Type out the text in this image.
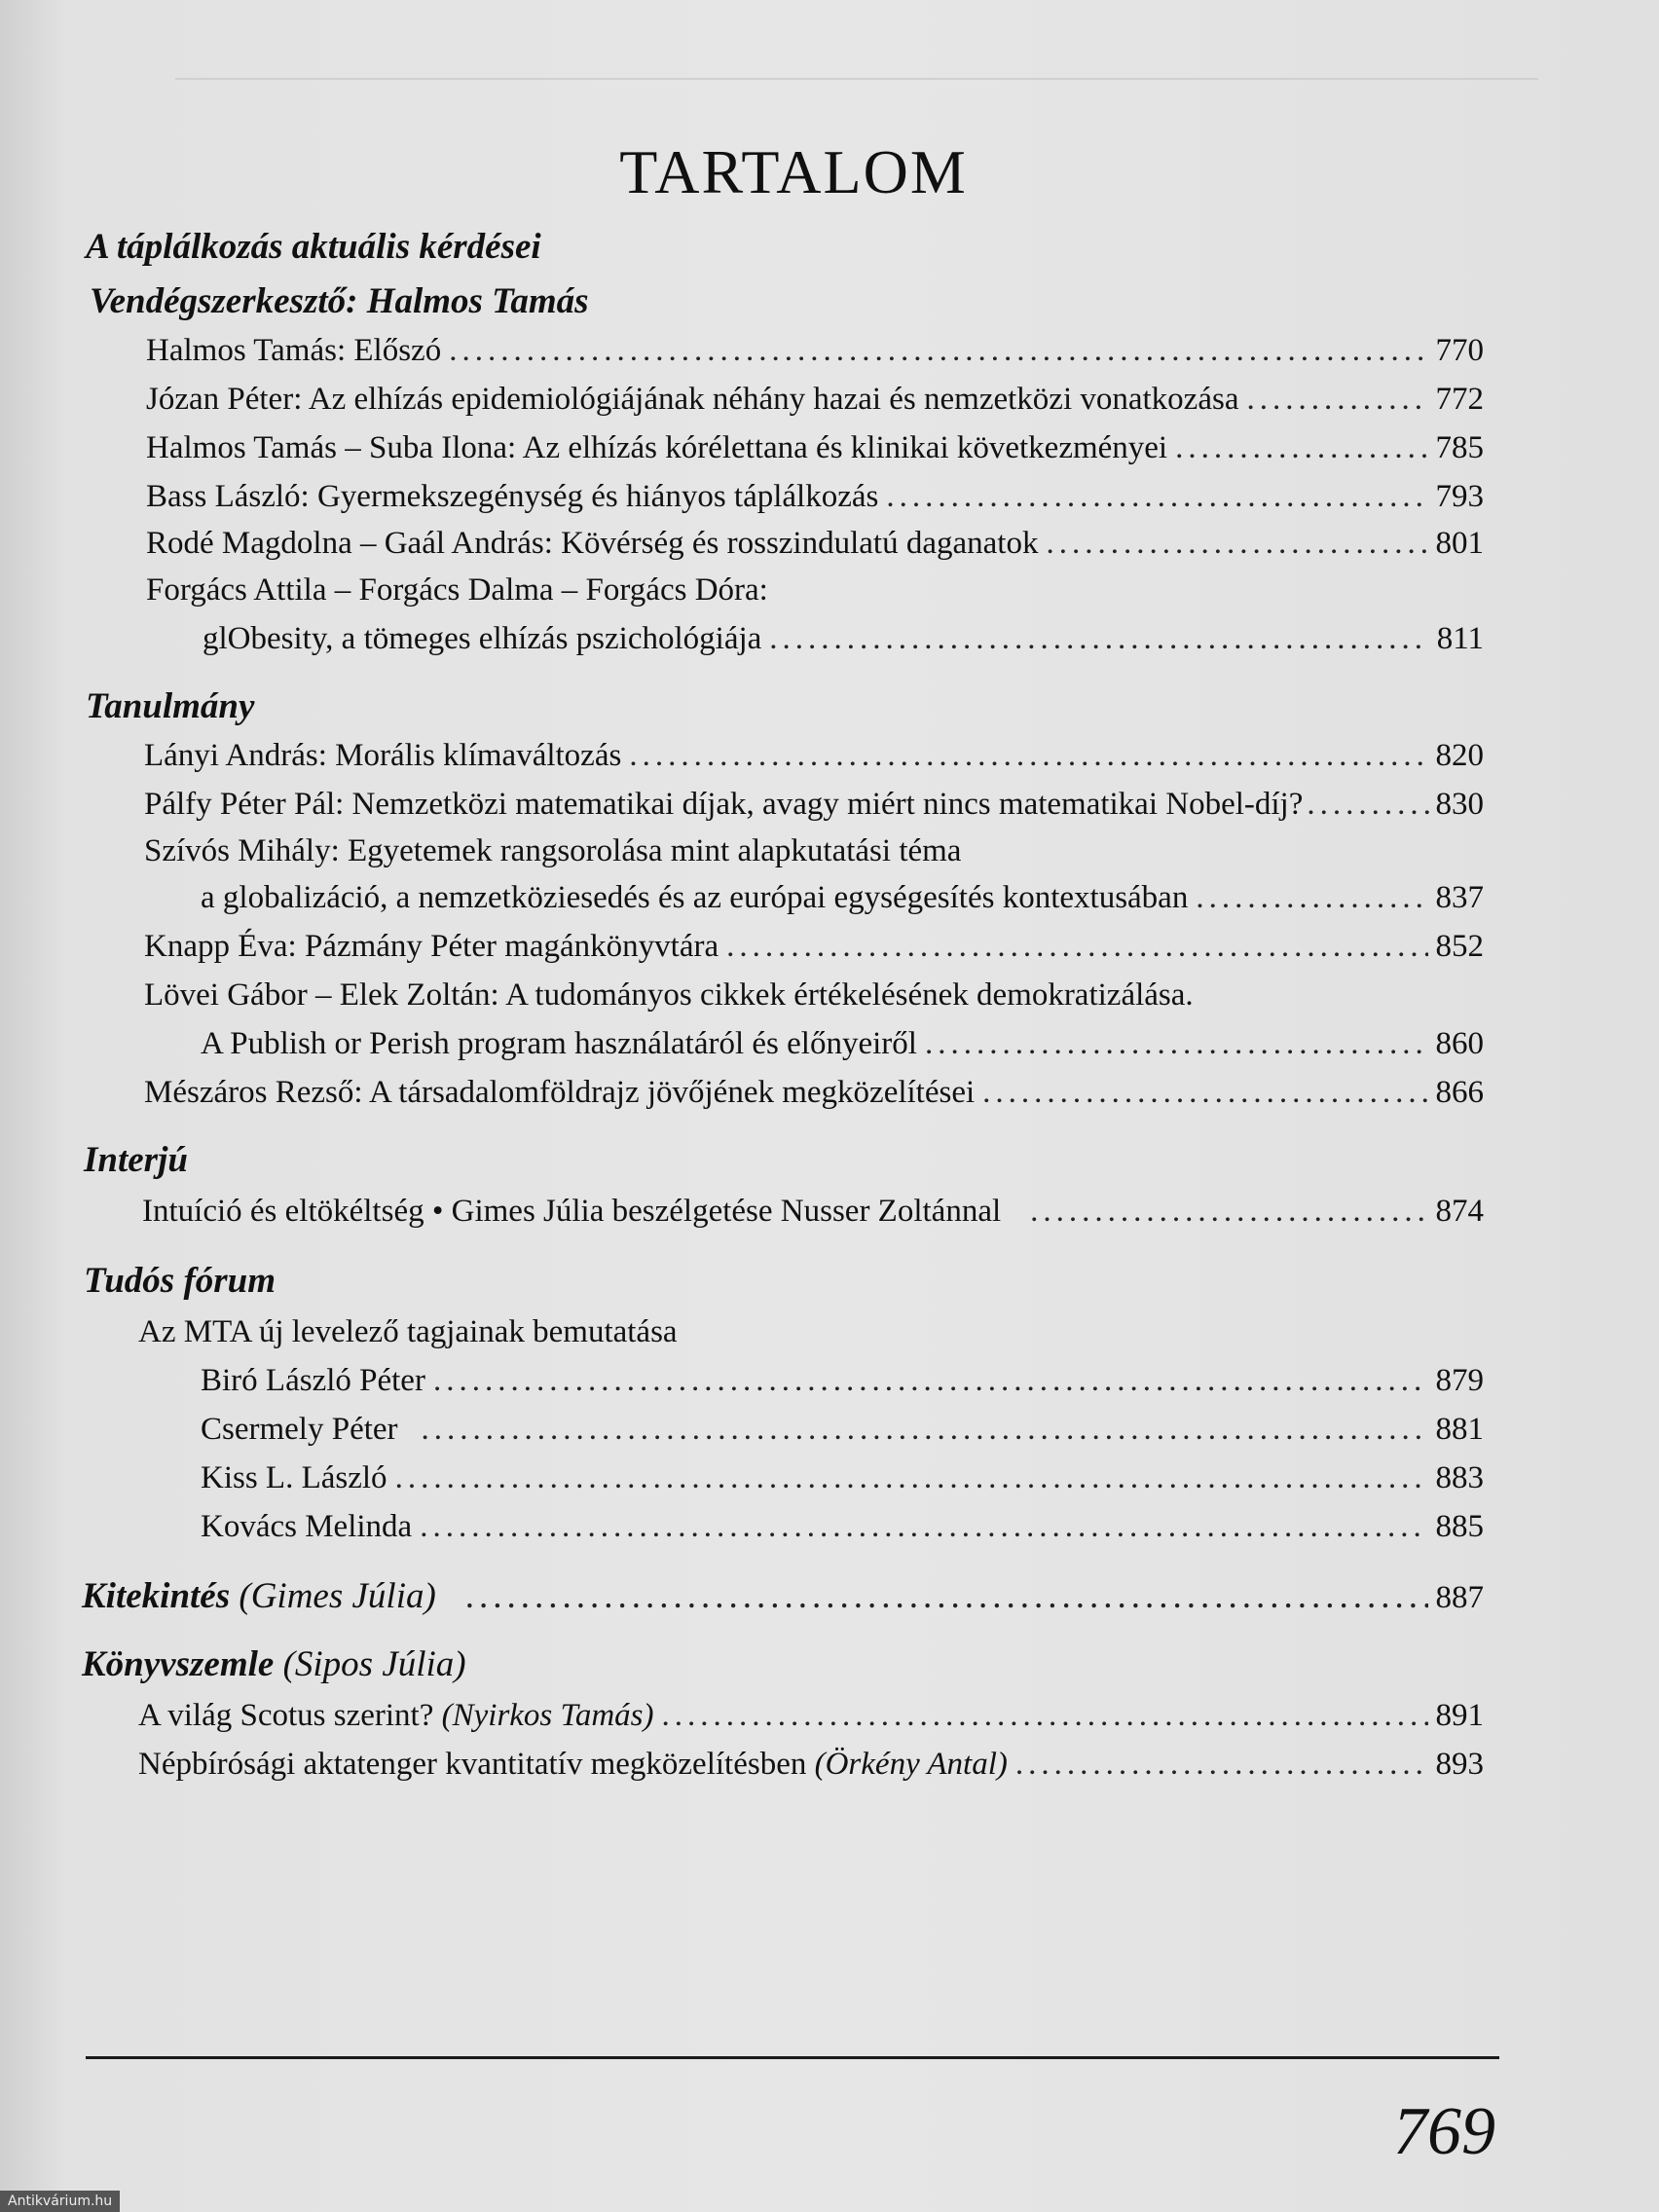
TARTALOM
A táplálkozás aktuális kérdései
Vendégszerkesztő: Halmos Tamás
Halmos Tamás: Előszó .....	770
Józan Péter: Az elhízás epidemiológiájának néhány hazai és nemzetközi vonatkozása .....	772
Halmos Tamás – Suba Ilona: Az elhízás kórélettana és klinikai következményei .....	785
Bass László: Gyermekszegénység és hiányos táplálkozás .....	793
Rodé Magdolna – Gaál András: Kövérség és rosszindulatú daganatok .....	801
Forgács Attila – Forgács Dalma – Forgács Dóra:
glObesity, a tömeges elhízás pszichológiája .....	811
Tanulmány
Lányi András: Morális klímaváltozás .....	820
Pálfy Péter Pál: Nemzetközi matematikai díjak, avagy miért nincs matematikai Nobel-díj? .....	830
Szívós Mihály: Egyetemek rangsorolása mint alapkutatási téma
a globalizáció, a nemzetköziesedés és az európai egységesítés kontextusában .....	837
Knapp Éva: Pázmány Péter magánkönyvtára .....	852
Lövei Gábor – Elek Zoltán: A tudományos cikkek értékelésének demokratizálása.
A Publish or Perish program használatáról és előnyeiről .....	860
Mészáros Rezső: A társadalomföldrajz jövőjének megközelítései .....	866
Interjú
Intuíció és eltökéltség • Gimes Júlia beszélgetése Nusser Zoltánnal .....	874
Tudós fórum
Az MTA új levelező tagjainak bemutatása
Biró László Péter .....	879
Csermely Péter .....	881
Kiss L. László .....	883
Kovács Melinda .....	885
Kitekintés (Gimes Júlia) .....	887
Könyvszemle (Sipos Júlia)
A világ Scotus szerint? (Nyirkos Tamás) .....	891
Népbírósági aktatenger kvantitatív megközelítésben (Örkény Antal) .....	893
769
Antikvárium.hu
